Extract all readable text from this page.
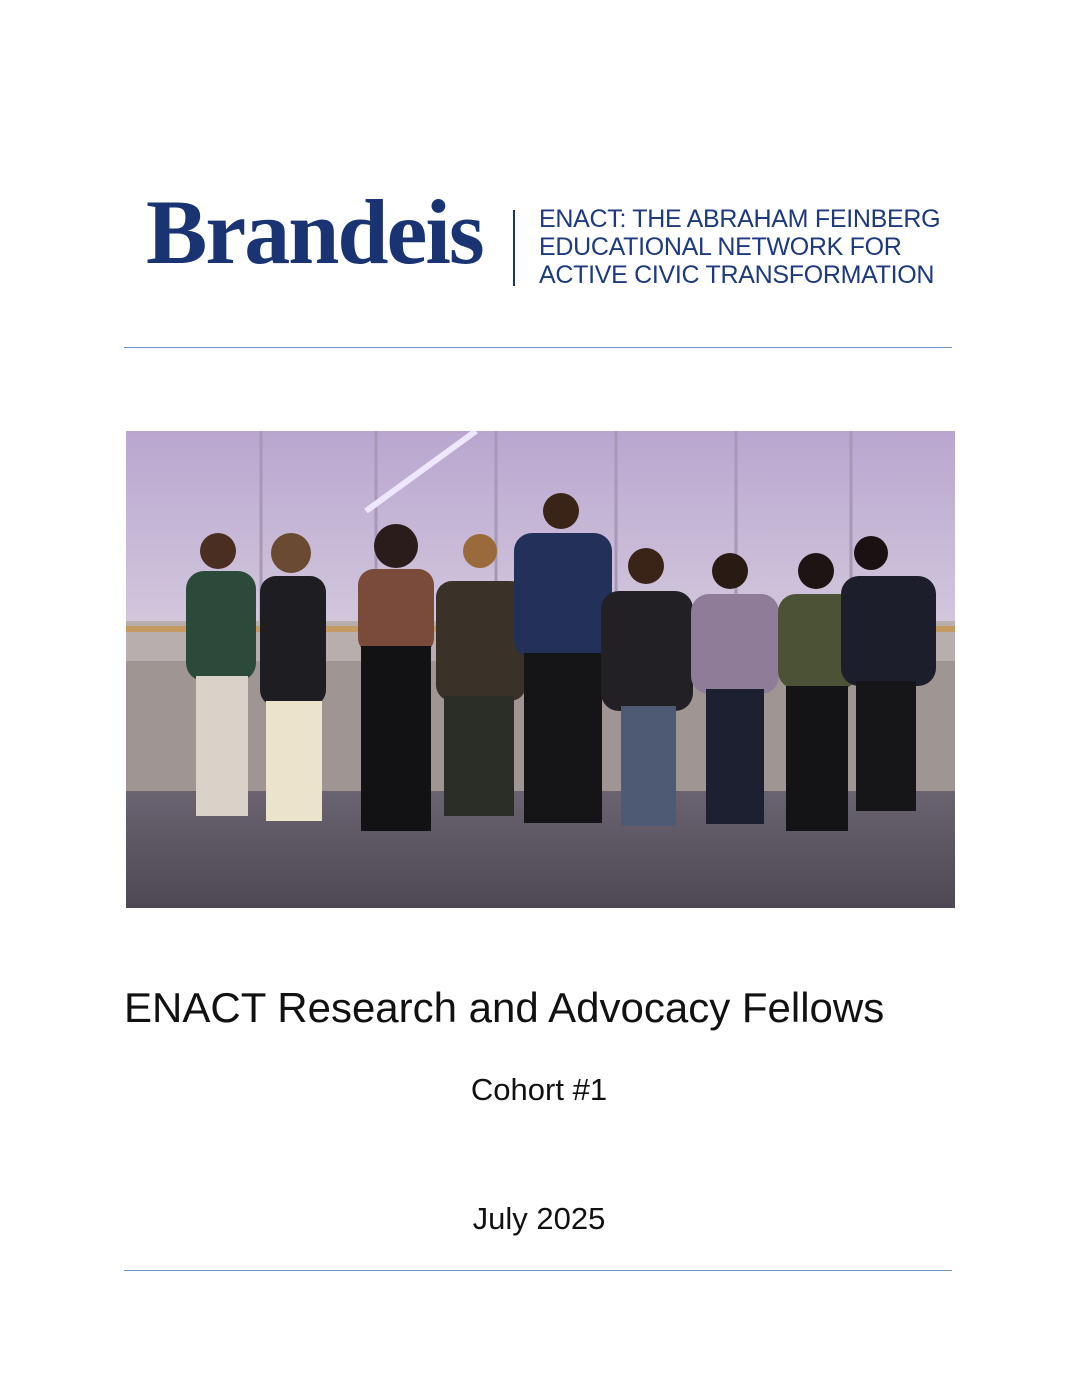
Brandeis ENACT: THE ABRAHAM FEINBERG
EDUCATIONAL NETWORK FOR
ACTIVE CIVIC TRANSFORMATION
ENACT Research and Advocacy Fellows
Cohort #1
July 2025
